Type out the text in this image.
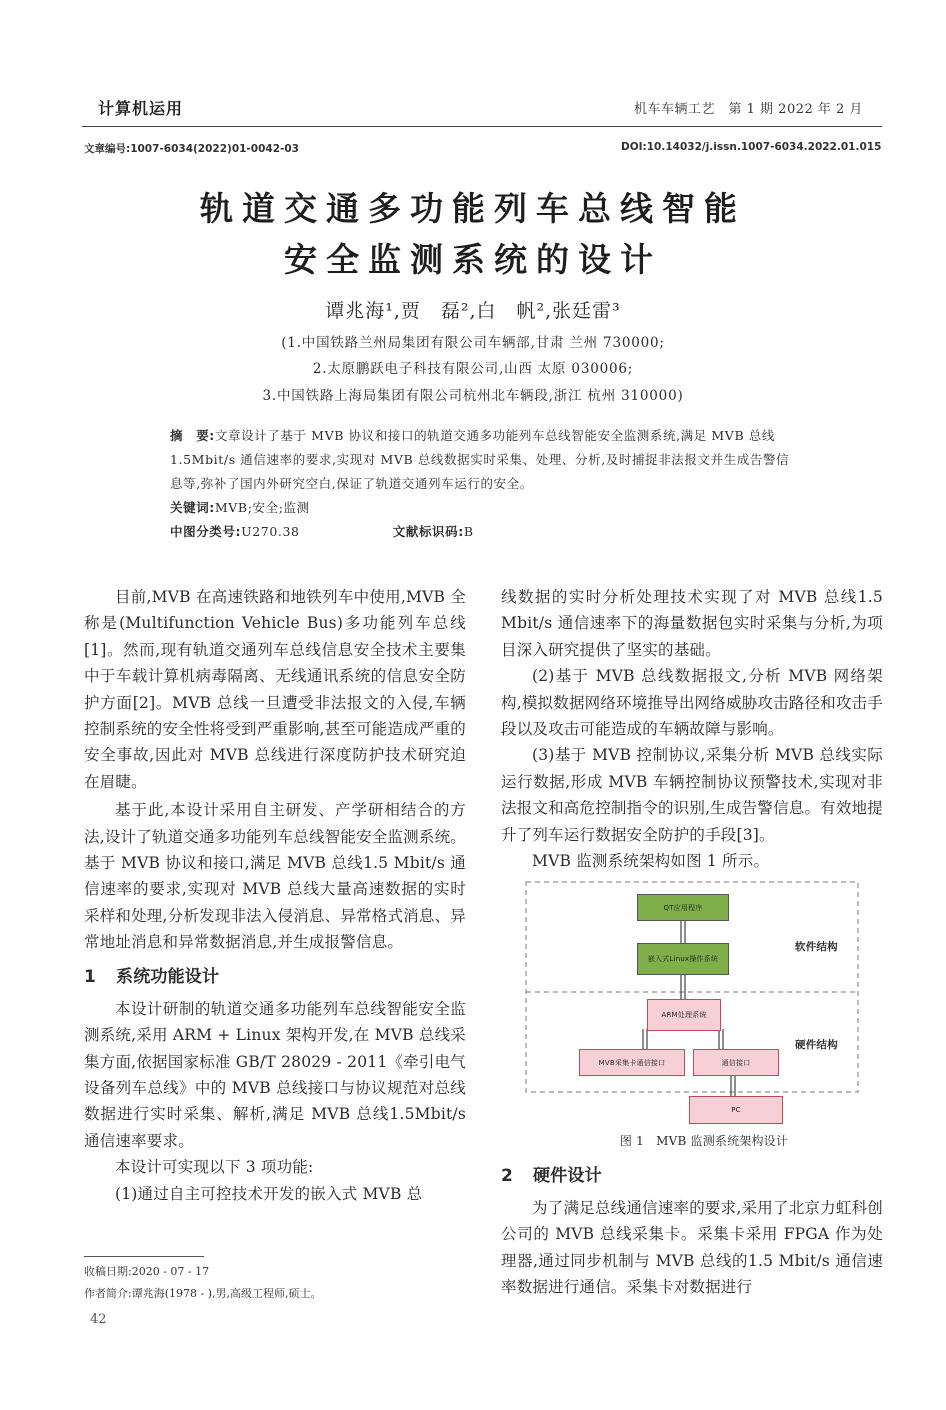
计算机运用	机车车辆工艺　第 1 期 2022 年 2 月
文章编号:1007-6034(2022)01-0042-03	DOI:10.14032/j.issn.1007-6034.2022.01.015
轨道交通多功能列车总线智能
安全监测系统的设计
谭兆海¹,贾　磊²,白　帆²,张廷雷³
(1.中国铁路兰州局集团有限公司车辆部,甘肃 兰州 730000;
2.太原鹏跃电子科技有限公司,山西 太原 030006;
3.中国铁路上海局集团有限公司杭州北车辆段,浙江 杭州 310000)
摘　要:文章设计了基于 MVB 协议和接口的轨道交通多功能列车总线智能安全监测系统,满足 MVB 总线 1.5Mbit/s 通信速率的要求,实现对 MVB 总线数据实时采集、处理、分析,及时捕捉非法报文并生成告警信息等,弥补了国内外研究空白,保证了轨道交通列车运行的安全。
关键词:MVB;安全;监测
中图分类号:U270.38	文献标识码:B

目前,MVB 在高速铁路和地铁列车中使用,MVB 全称是(Multifunction Vehicle Bus)多功能列车总线[1]。然而,现有轨道交通列车总线信息安全技术主要集中于车载计算机病毒隔离、无线通讯系统的信息安全防护方面[2]。MVB 总线一旦遭受非法报文的入侵,车辆控制系统的安全性将受到严重影响,甚至可能造成严重的安全事故,因此对 MVB 总线进行深度防护技术研究迫在眉睫。

基于此,本设计采用自主研发、产学研相结合的方法,设计了轨道交通多功能列车总线智能安全监测系统。基于 MVB 协议和接口,满足 MVB 总线1.5 Mbit/s 通信速率的要求,实现对 MVB 总线大量高速数据的实时采样和处理,分析发现非法入侵消息、异常格式消息、异常地址消息和异常数据消息,并生成报警信息。

1 系统功能设计

本设计研制的轨道交通多功能列车总线智能安全监测系统,采用 ARM + Linux 架构开发,在 MVB 总线采集方面,依据国家标准 GB/T 28029 - 2011《牵引电气设备列车总线》中的 MVB 总线接口与协议规范对总线数据进行实时采集、解析,满足 MVB 总线1.5Mbit/s 通信速率要求。

本设计可实现以下 3 项功能:

(1)通过自主可控技术开发的嵌入式 MVB 总

线数据的实时分析处理技术实现了对 MVB 总线1.5 Mbit/s 通信速率下的海量数据包实时采集与分析,为项目深入研究提供了坚实的基础。

(2)基于 MVB 总线数据报文,分析 MVB 网络架构,模拟数据网络环境推导出网络威胁攻击路径和攻击手段以及攻击可能造成的车辆故障与影响。

(3)基于 MVB 控制协议,采集分析 MVB 总线实际运行数据,形成 MVB 车辆控制协议预警技术,实现对非法报文和高危控制指令的识别,生成告警信息。有效地提升了列车运行数据安全防护的手段[3]。

MVB 监测系统架构如图 1 所示。

QT应用程序
嵌入式Linux操作系统
软件结构
ARM处理系统
MVB采集卡通信接口	通信接口
硬件结构
PC

图 1　MVB 监测系统架构设计

2 硬件设计

为了满足总线通信速率的要求,采用了北京力虹科创公司的 MVB 总线采集卡。采集卡采用 FPGA 作为处理器,通过同步机制与 MVB 总线的1.5 Mbit/s 通信速率数据进行通信。采集卡对数据进行

收稿日期:2020 - 07 - 17
作者简介:谭兆海(1978 - ),男,高级工程师,硕士。
42
